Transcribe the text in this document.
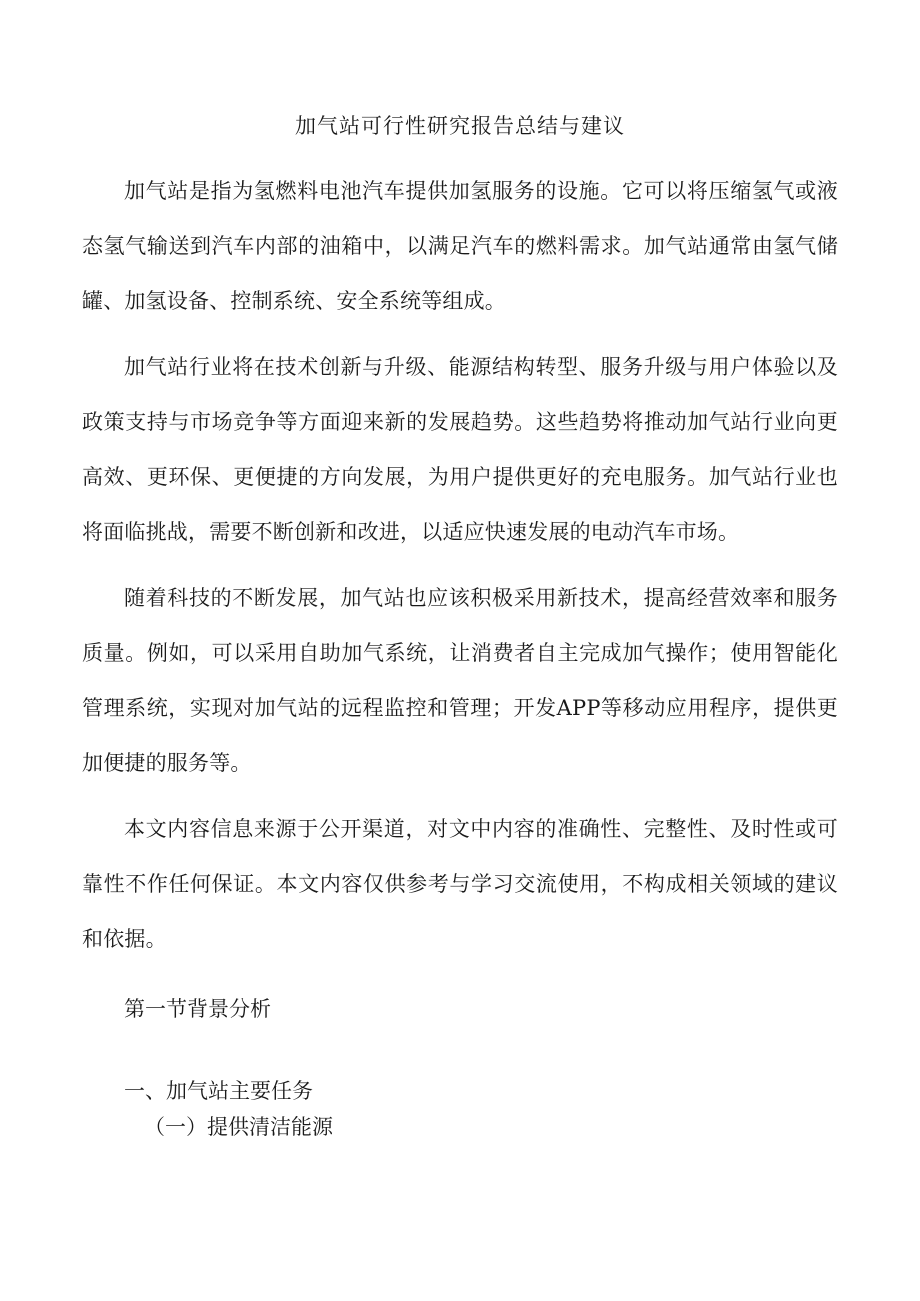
加气站可行性研究报告总结与建议

加气站是指为氢燃料电池汽车提供加氢服务的设施。它可以将压缩氢气或液态氢气输送到汽车内部的油箱中，以满足汽车的燃料需求。加气站通常由氢气储罐、加氢设备、控制系统、安全系统等组成。

加气站行业将在技术创新与升级、能源结构转型、服务升级与用户体验以及政策支持与市场竞争等方面迎来新的发展趋势。这些趋势将推动加气站行业向更高效、更环保、更便捷的方向发展，为用户提供更好的充电服务。加气站行业也将面临挑战，需要不断创新和改进，以适应快速发展的电动汽车市场。

随着科技的不断发展，加气站也应该积极采用新技术，提高经营效率和服务质量。例如，可以采用自助加气系统，让消费者自主完成加气操作；使用智能化管理系统，实现对加气站的远程监控和管理；开发APP等移动应用程序，提供更加便捷的服务等。

本文内容信息来源于公开渠道，对文中内容的准确性、完整性、及时性或可靠性不作任何保证。本文内容仅供参考与学习交流使用，不构成相关领域的建议和依据。

第一节背景分析
一、加气站主要任务
（一）提供清洁能源
